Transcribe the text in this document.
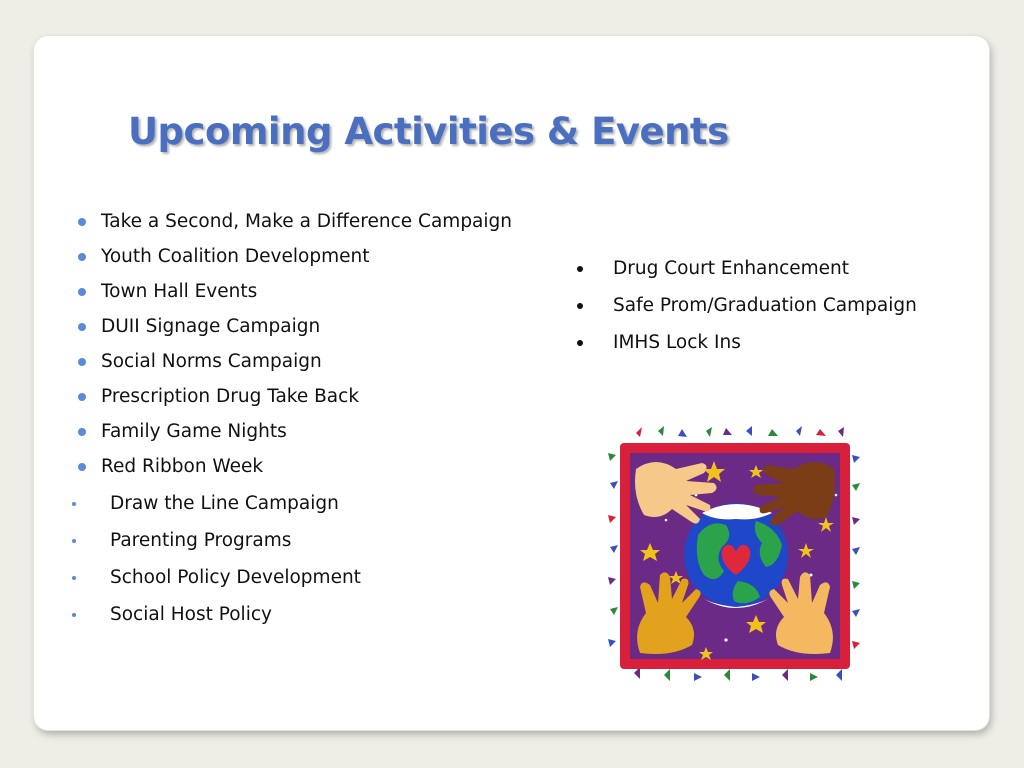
Upcoming Activities & Events
Take a Second, Make a Difference Campaign
Youth Coalition Development
Town Hall Events
DUII Signage Campaign
Social Norms Campaign
Prescription Drug Take Back
Family Game Nights
Red Ribbon Week
Draw the Line Campaign
Parenting Programs
School Policy Development
Social Host Policy
Drug Court Enhancement
Safe Prom/Graduation Campaign
IMHS Lock Ins
